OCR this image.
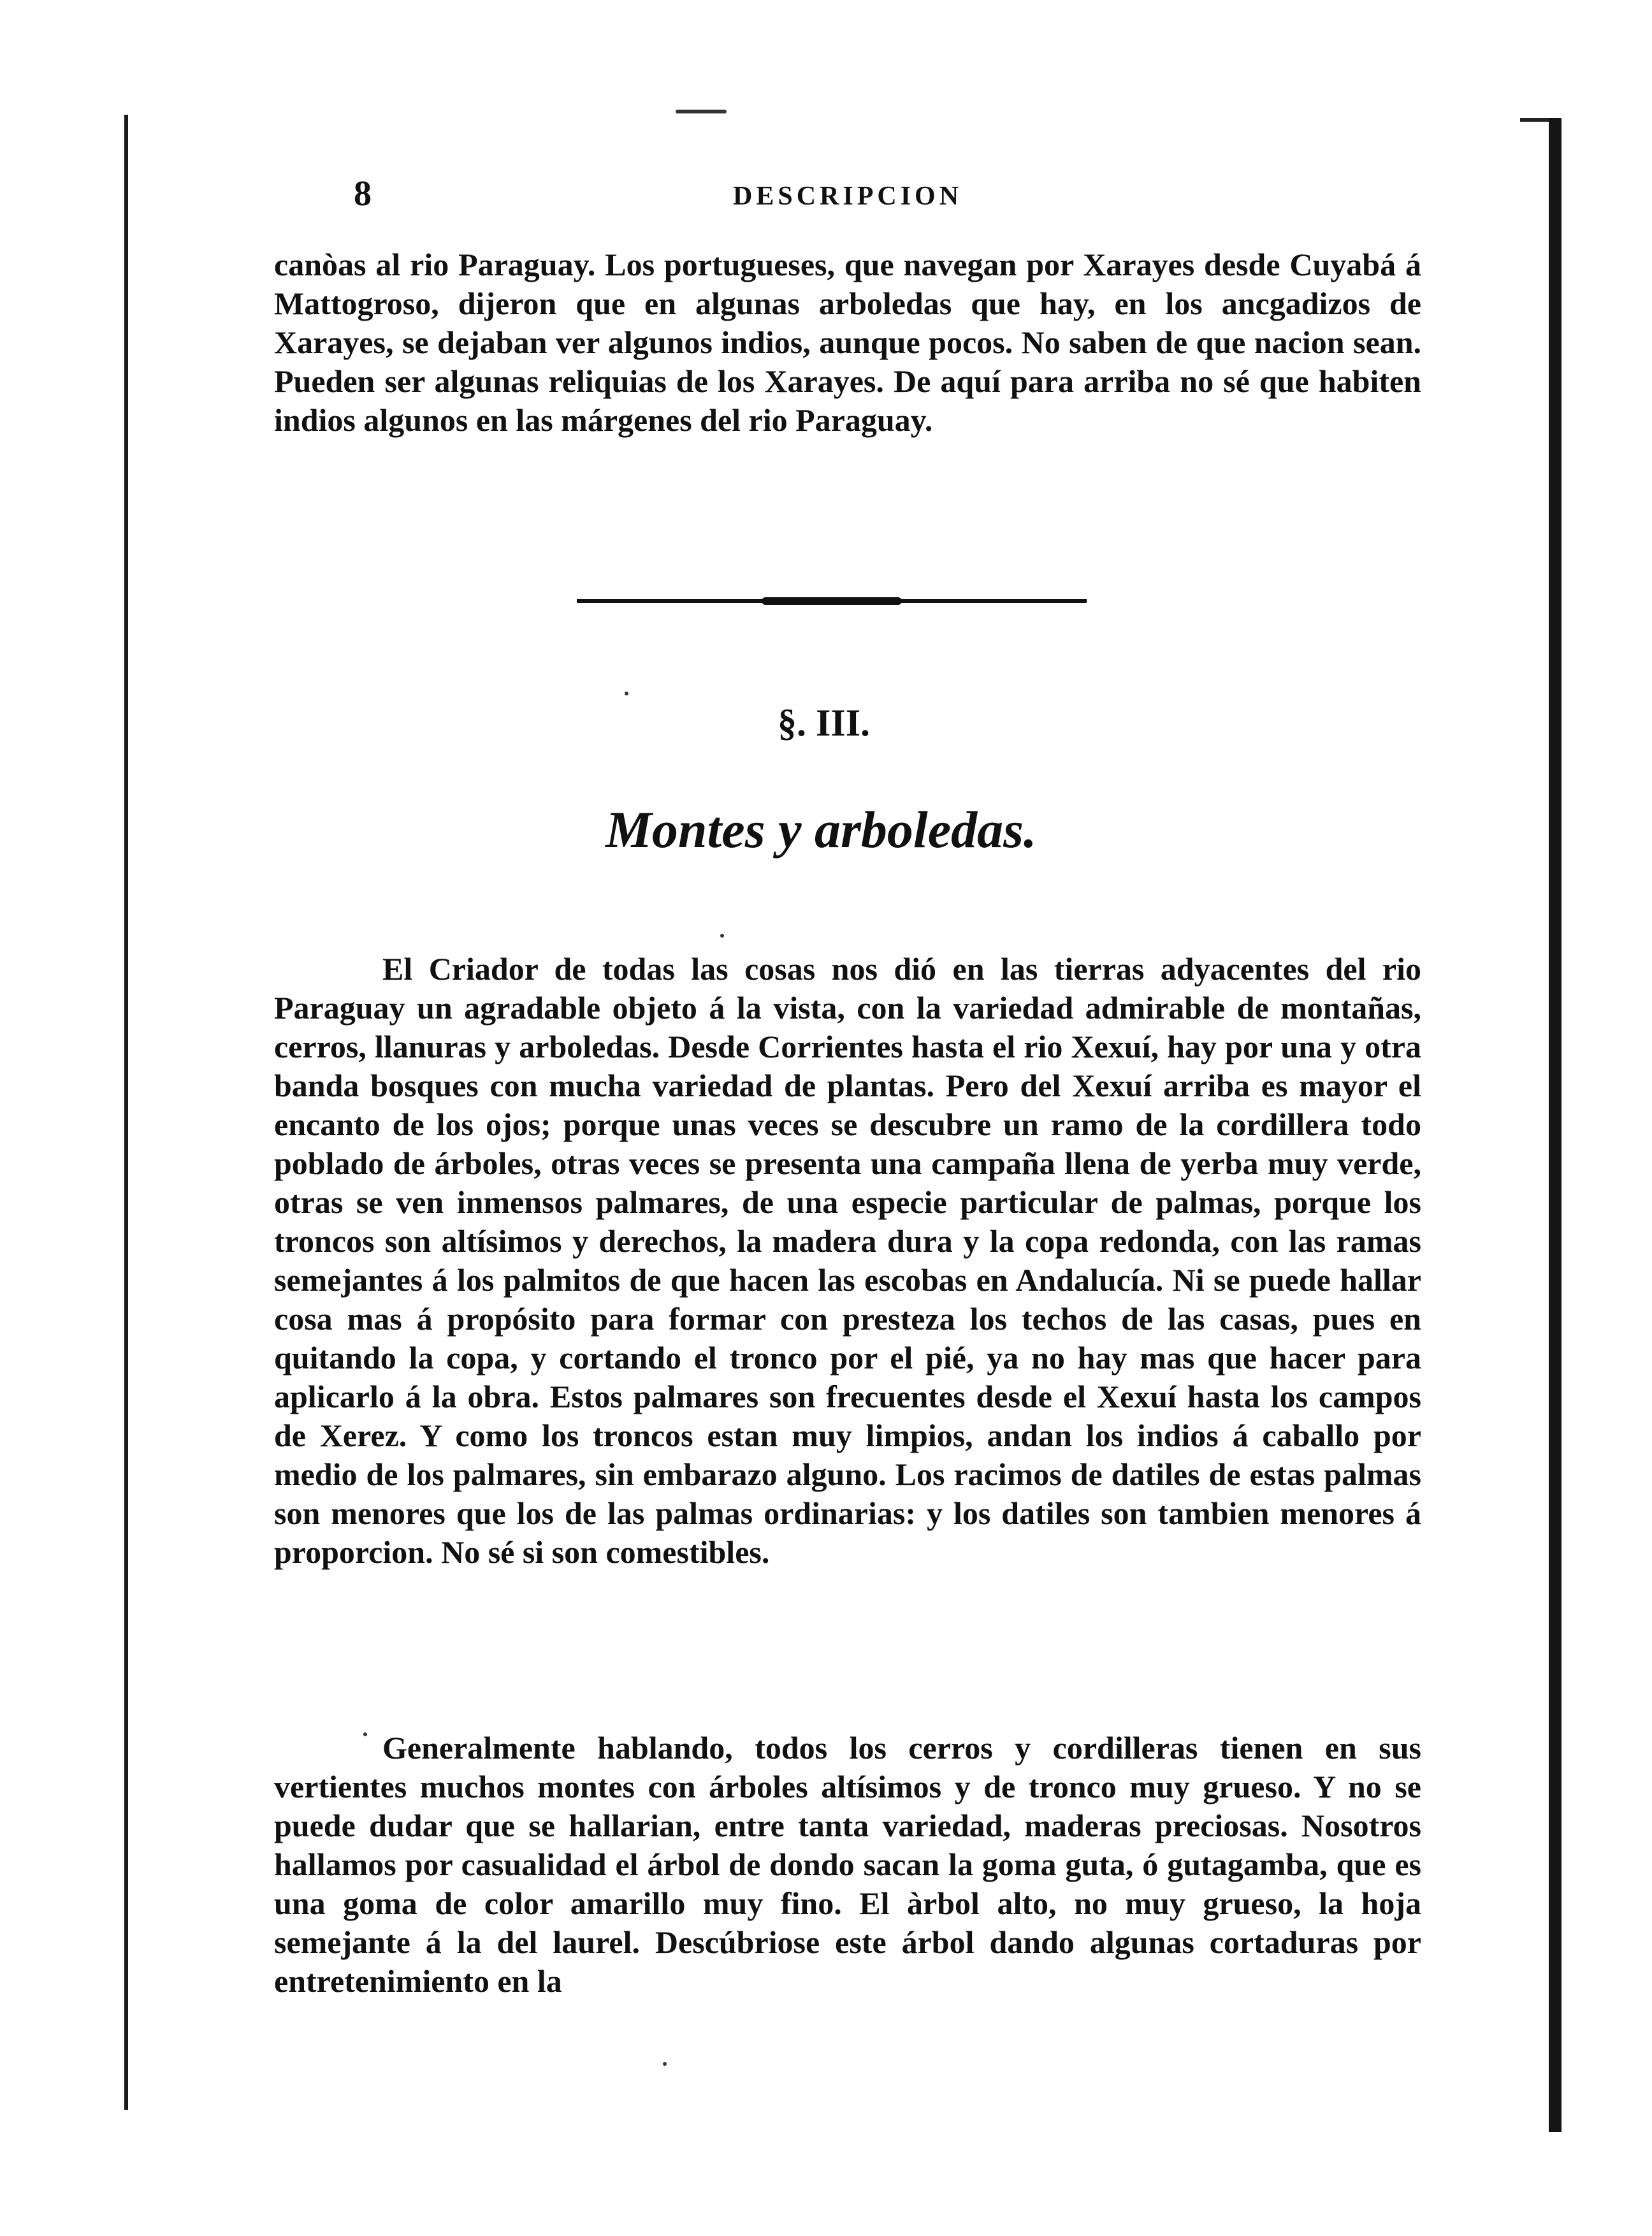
8	DESCRIPCION

canòas al rio Paraguay. Los portugueses, que navegan por Xarayes desde Cuyabá á Mattogroso, dijeron que en algunas arboledas que hay, en los ancgadizos de Xarayes, se dejaban ver algunos indios, aunque pocos. No saben de que nacion sean. Pueden ser algunas reliquias de los Xarayes. De aquí para arriba no sé que habiten indios algunos en las márgenes del rio Paraguay.

§. III.
Montes y arboledas.

El Criador de todas las cosas nos dió en las tierras adyacentes del rio Paraguay un agradable objeto á la vista, con la variedad admirable de montañas, cerros, llanuras y arboledas. Desde Corrientes hasta el rio Xexuí, hay por una y otra banda bosques con mucha variedad de plantas. Pero del Xexuí arriba es mayor el encanto de los ojos; porque unas veces se descubre un ramo de la cordillera todo poblado de árboles, otras veces se presenta una campaña llena de yerba muy verde, otras se ven inmensos palmares, de una especie particular de palmas, porque los troncos son altísimos y derechos, la madera dura y la copa redonda, con las ramas semejantes á los palmitos de que hacen las escobas en Andalucía. Ni se puede hallar cosa mas á propósito para formar con presteza los techos de las casas, pues en quitando la copa, y cortando el tronco por el pié, ya no hay mas que hacer para aplicarlo á la obra. Estos palmares son frecuentes desde el Xexuí hasta los campos de Xerez. Y como los troncos estan muy limpios, andan los indios á caballo por medio de los palmares, sin embarazo alguno. Los racimos de datiles de estas palmas son menores que los de las palmas ordinarias: y los datiles son tambien menores á proporcion. No sé si son comestibles.

Generalmente hablando, todos los cerros y cordilleras tienen en sus vertientes muchos montes con árboles altísimos y de tronco muy grueso. Y no se puede dudar que se hallarian, entre tanta variedad, maderas preciosas. Nosotros hallamos por casualidad el árbol de dondo sacan la goma guta, ó gutagamba, que es una goma de color amarillo muy fino. El àrbol alto, no muy grueso, la hoja semejante á la del laurel. Descúbriose este árbol dando algunas cortaduras por entretenimiento en la
